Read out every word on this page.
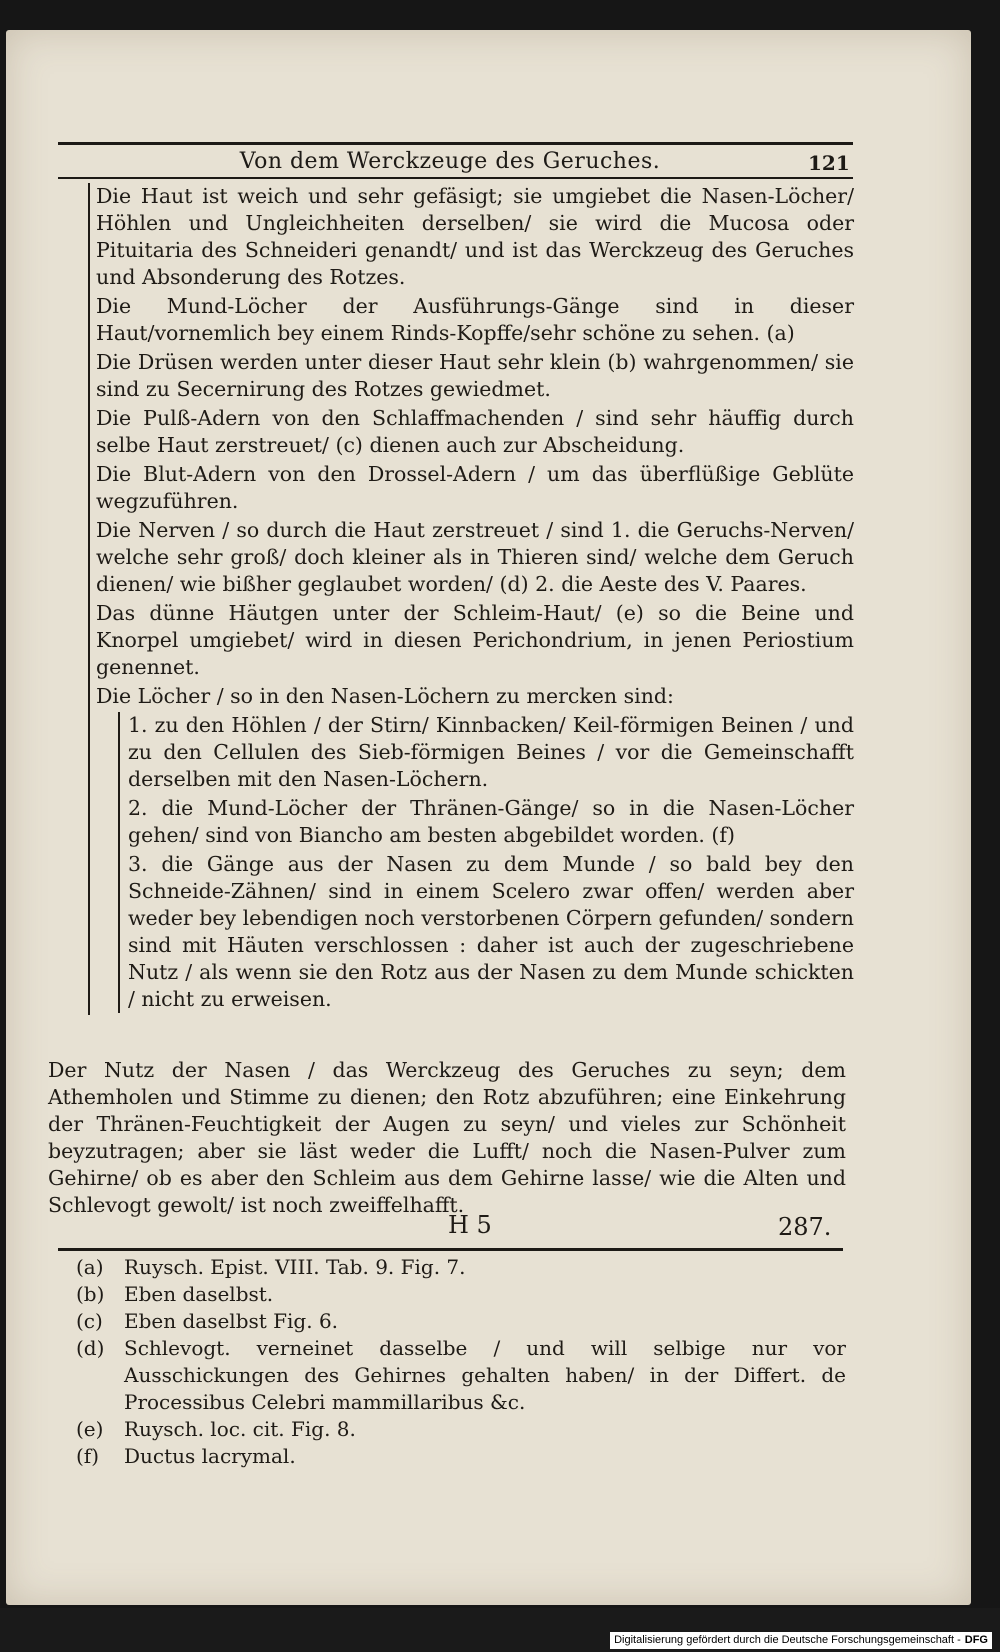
Von dem Werckzeuge des Geruches.	121

Die Haut ist weich und sehr gefäsigt; sie umgiebet die Nasen-Löcher/ Höhlen und Ungleichheiten derselben/ sie wird die Mucosa oder Pituitaria des Schneideri genandt/ und ist das Werckzeug des Geruches und Absonderung des Rotzes.

Die Mund-Löcher der Ausführungs-Gänge sind in dieser Haut/vornemlich bey einem Rinds-Kopffe/sehr schöne zu sehen. (a)

Die Drüsen werden unter dieser Haut sehr klein (b) wahrgenommen/ sie sind zu Secernirung des Rotzes gewiedmet.

Die Pulß-Adern von den Schlaffmachenden / sind sehr häuffig durch selbe Haut zerstreuet/ (c) dienen auch zur Abscheidung.

Die Blut-Adern von den Drossel-Adern / um das überflüßige Geblüte wegzuführen.

Die Nerven / so durch die Haut zerstreuet / sind 1. die Geruchs-Nerven/ welche sehr groß/ doch kleiner als in Thieren sind/ welche dem Geruch dienen/ wie bißher geglaubet worden/ (d) 2. die Aeste des V. Paares.

Das dünne Häutgen unter der Schleim-Haut/ (e) so die Beine und Knorpel umgiebet/ wird in diesen Perichondrium, in jenen Periostium genennet.

Die Löcher / so in den Nasen-Löchern zu mercken sind:

1. zu den Höhlen / der Stirn/ Kinnbacken/ Keil-förmigen Beinen / und zu den Cellulen des Sieb-förmigen Beines / vor die Gemeinschafft derselben mit den Nasen-Löchern.

2. die Mund-Löcher der Thränen-Gänge/ so in die Nasen-Löcher gehen/ sind von Biancho am besten abgebildet worden. (f)

3. die Gänge aus der Nasen zu dem Munde / so bald bey den Schneide-Zähnen/ sind in einem Scelero zwar offen/ werden aber weder bey lebendigen noch verstorbenen Cörpern gefunden/ sondern sind mit Häuten verschlossen : daher ist auch der zugeschriebene Nutz / als wenn sie den Rotz aus der Nasen zu dem Munde schickten / nicht zu erweisen.

Der Nutz der Nasen / das Werckzeug des Geruches zu seyn; dem Athemholen und Stimme zu dienen; den Rotz abzuführen; eine Einkehrung der Thränen-Feuchtigkeit der Augen zu seyn/ und vieles zur Schönheit beyzutragen; aber sie läst weder die Lufft/ noch die Nasen-Pulver zum Gehirne/ ob es aber den Schleim aus dem Gehirne lasse/ wie die Alten und Schlevogt gewolt/ ist noch zweiffelhafft.

H 5	287.
(a)	Ruysch. Epist. VIII. Tab. 9. Fig. 7.
(b) Eben daselbst.
(c)	Eben daselbst Fig. 6.
(d) Schlevogt. verneinet dasselbe / und will selbige nur vor Ausschickungen des Gehirnes gehalten haben/ in der Differt. de Processibus Celebri mammillaribus &c.
(e)	Ruysch. loc. cit. Fig. 8.
(f)	Ductus lacrymal.
Digitalisierung gefördert durch die Deutsche Forschungsgemeinschaft - DFG
